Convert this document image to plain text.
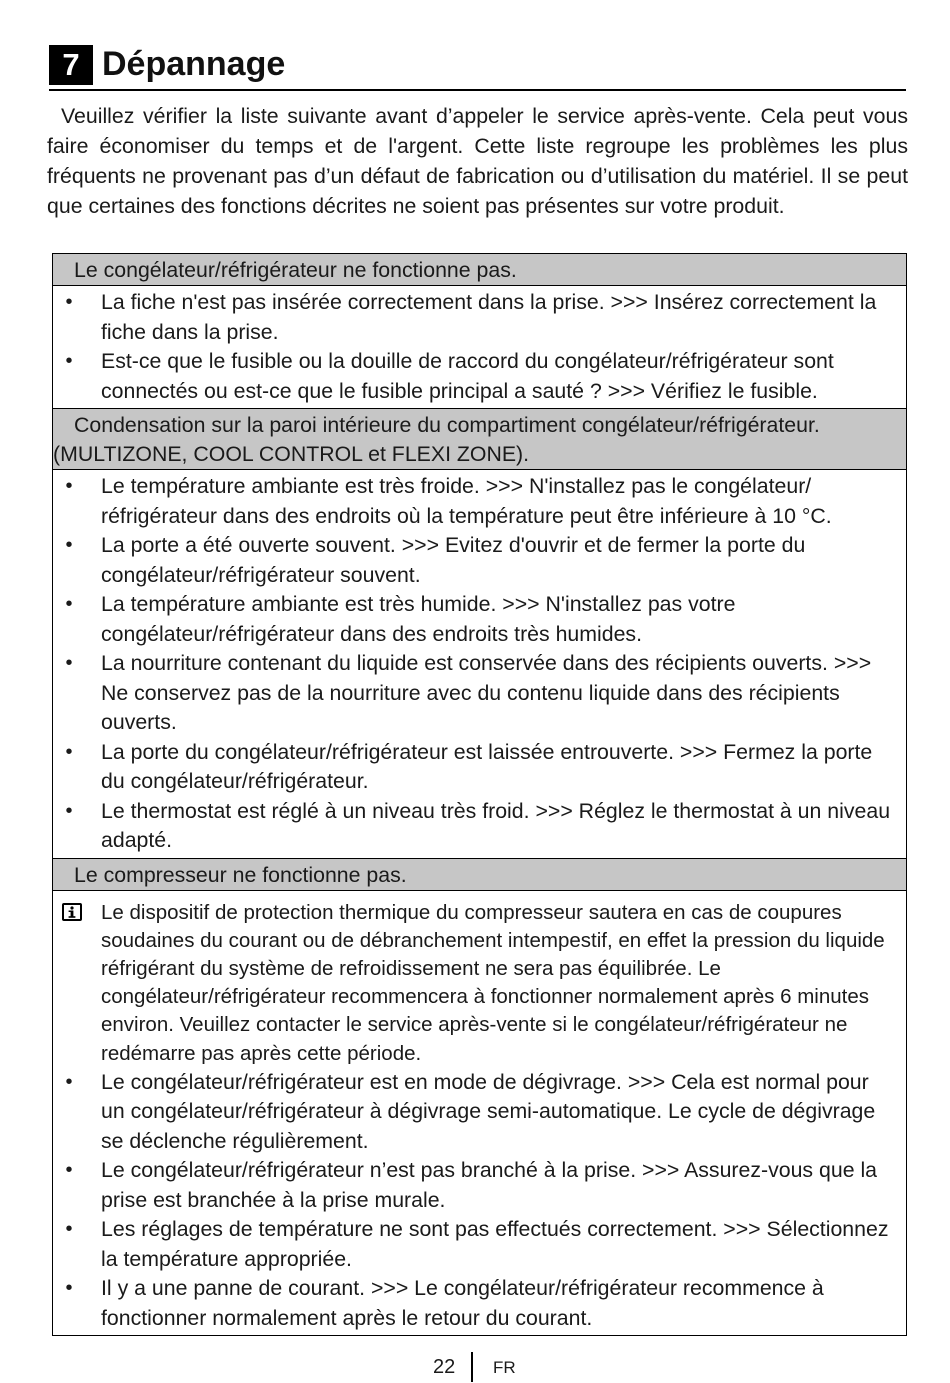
7 Dépannage

Veuillez vérifier la liste suivante avant d’appeler le service après-vente. Cela peut vous faire économiser du temps et de l'argent. Cette liste regroupe les problèmes les plus fréquents ne provenant pas d’un défaut de fabrication ou d’utilisation du matériel. Il se peut que certaines des fonctions décrites ne soient pas présentes sur votre produit.

Le congélateur/réfrigérateur ne fonctionne pas.
•	La fiche n'est pas insérée correctement dans la prise. >>> Insérez correctement la fiche dans la prise.
•	Est-ce que le fusible ou la douille de raccord du congélateur/réfrigérateur sont connectés ou est-ce que le fusible principal a sauté ? >>> Vérifiez le fusible.
Condensation sur la paroi intérieure du compartiment congélateur/réfrigérateur.
(MULTIZONE, COOL CONTROL et FLEXI ZONE).
•	Le température ambiante est très froide. >>> N'installez pas le congélateur/ réfrigérateur dans des endroits où la température peut être inférieure à 10 °C.
•	La porte a été ouverte souvent. >>> Evitez d'ouvrir et de fermer la porte du congélateur/réfrigérateur souvent.
•	La température ambiante est très humide. >>> N'installez pas votre congélateur/réfrigérateur dans des endroits très humides.
•	La nourriture contenant du liquide est conservée dans des récipients ouverts. >>> Ne conservez pas de la nourriture avec du contenu liquide dans des récipients ouverts.
•	La porte du congélateur/réfrigérateur est laissée entrouverte. >>> Fermez la porte du congélateur/réfrigérateur.
•	Le thermostat est réglé à un niveau très froid. >>> Réglez le thermostat à un niveau adapté.
Le compresseur ne fonctionne pas.
Le dispositif de protection thermique du compresseur sautera en cas de coupures soudaines du courant ou de débranchement intempestif, en effet la pression du liquide réfrigérant du système de refroidissement ne sera pas équilibrée. Le congélateur/réfrigérateur recommencera à fonctionner normalement après 6 minutes environ. Veuillez contacter le service après-vente si le congélateur/réfrigérateur ne redémarre pas après cette période.
•	Le congélateur/réfrigérateur est en mode de dégivrage. >>> Cela est normal pour un congélateur/réfrigérateur à dégivrage semi-automatique. Le cycle de dégivrage se déclenche régulièrement.
•	Le congélateur/réfrigérateur n’est pas branché à la prise. >>> Assurez-vous que la prise est branchée à la prise murale.
•	Les réglages de température ne sont pas effectués correctement. >>> Sélectionnez la température appropriée.
•	Il y a une panne de courant. >>> Le congélateur/réfrigérateur recommence à fonctionner normalement après le retour du courant.
22 FR
